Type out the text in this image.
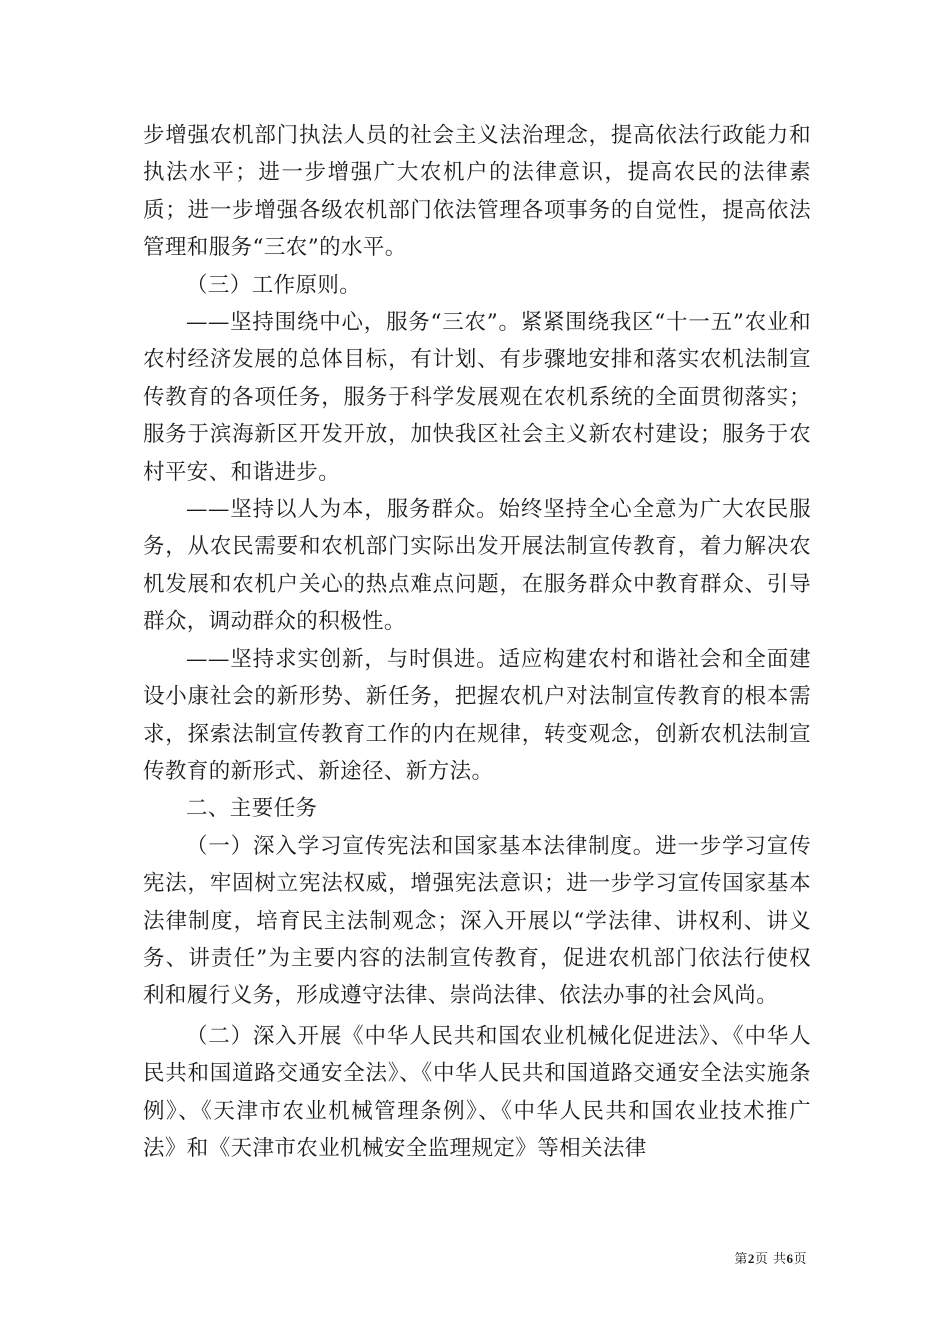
步增强农机部门执法人员的社会主义法治理念，提高依法行政能力和执法水平；进一步增强广大农机户的法律意识，提高农民的法律素质；进一步增强各级农机部门依法管理各项事务的自觉性，提高依法管理和服务“三农”的水平。

（三）工作原则。

——坚持围绕中心，服务“三农”。紧紧围绕我区“十一五”农业和农村经济发展的总体目标，有计划、有步骤地安排和落实农机法制宣传教育的各项任务，服务于科学发展观在农机系统的全面贯彻落实；服务于滨海新区开发开放，加快我区社会主义新农村建设；服务于农村平安、和谐进步。

——坚持以人为本，服务群众。始终坚持全心全意为广大农民服务，从农民需要和农机部门实际出发开展法制宣传教育，着力解决农机发展和农机户关心的热点难点问题，在服务群众中教育群众、引导群众，调动群众的积极性。

——坚持求实创新，与时俱进。适应构建农村和谐社会和全面建设小康社会的新形势、新任务，把握农机户对法制宣传教育的根本需求，探索法制宣传教育工作的内在规律，转变观念，创新农机法制宣传教育的新形式、新途径、新方法。

二、主要任务

（一）深入学习宣传宪法和国家基本法律制度。进一步学习宣传宪法，牢固树立宪法权威，增强宪法意识；进一步学习宣传国家基本法律制度，培育民主法制观念；深入开展以“学法律、讲权利、讲义务、讲责任”为主要内容的法制宣传教育，促进农机部门依法行使权利和履行义务，形成遵守法律、崇尚法律、依法办事的社会风尚。

（二）深入开展《中华人民共和国农业机械化促进法》、《中华人民共和国道路交通安全法》、《中华人民共和国道路交通安全法实施条例》、《天津市农业机械管理条例》、《中华人民共和国农业技术推广法》和《天津市农业机械安全监理规定》等相关法律

第2页 共6页
